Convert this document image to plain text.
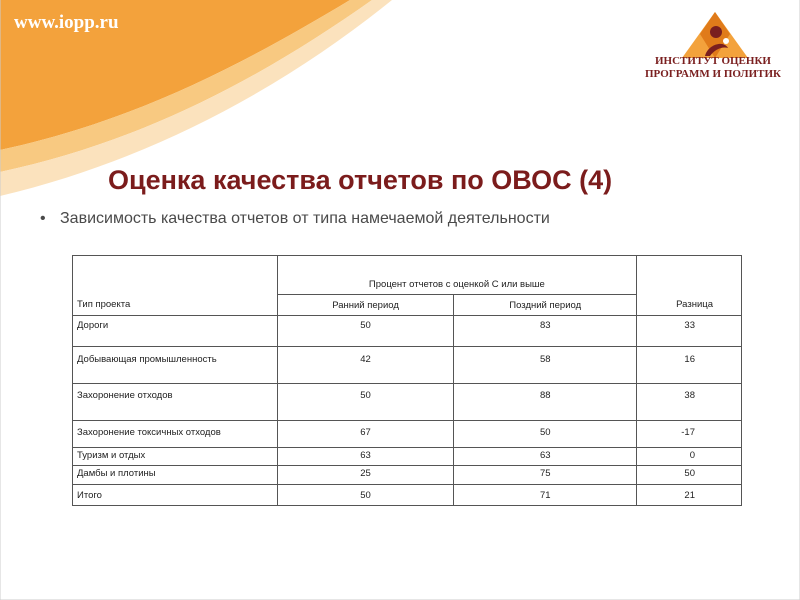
www.iopp.ru
ИНСТИТУТ ОЦЕНКИ
ПРОГРАММ И ПОЛИТИК
Оценка качества отчетов по ОВОС (4)
• Зависимость качества отчетов от типа намечаемой деятельности
Тип проекта	Процент отчетов с оценкой С или выше		Разница
	Ранний период	Поздний период	
Дороги	50	83	33
Добывающая промышленность	42	58	16
Захоронение отходов	50	88	38
Захоронение токсичных отходов	67	50	-17
Туризм и отдых	63	63	0
Дамбы и плотины	25	75	50
Итого	50	71	21
